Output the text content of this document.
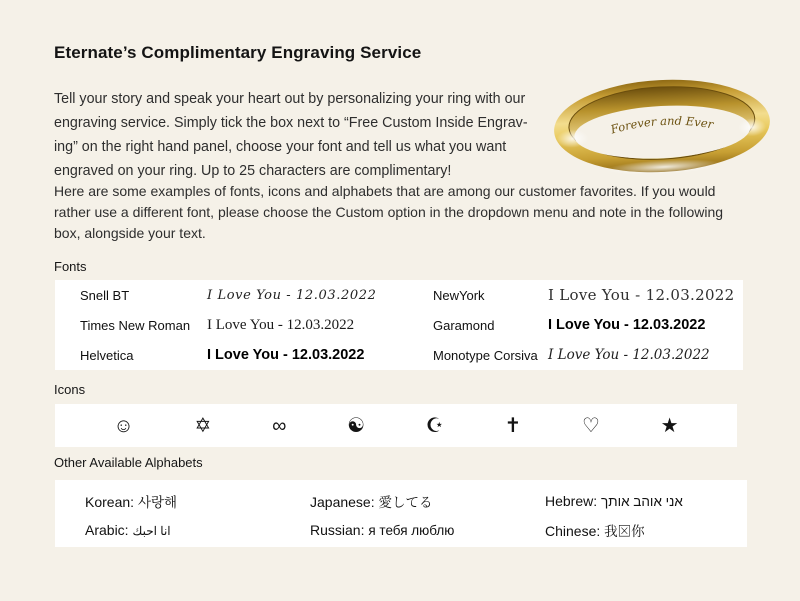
Eternate’s Complimentary Engraving Service
Tell your story and speak your heart out by personalizing your ring with our
engraving service. Simply tick the box next to “Free Custom Inside Engrav-
ing” on the right hand panel, choose your font and tell us what you want
engraved on your ring. Up to 25 characters are complimentary!
Forever and Ever
Here are some examples of fonts, icons and alphabets that are among our customer favorites. If you would
rather use a different font, please choose the Custom option in the dropdown menu and note in the following
box, alongside your text.
Fonts
Snell BT	I Love You - 12.03.2022	NewYork	I Love You - 12.03.2022
Times New Roman	I Love You - 12.03.2022	Garamond	I Love You - 12.03.2022
Helvetica	I Love You - 12.03.2022	Monotype Corsiva I Love You - 12.03.2022
Icons
☺	✡	∞	☯	☪	✝	♡	★
Other Available Alphabets
Korean: 사랑해	Japanese: 愛してる	Hebrew: אני אוהב אותך
Arabic: انا احبك	Russian: я тебя люблю	Chinese: 我⊠你
